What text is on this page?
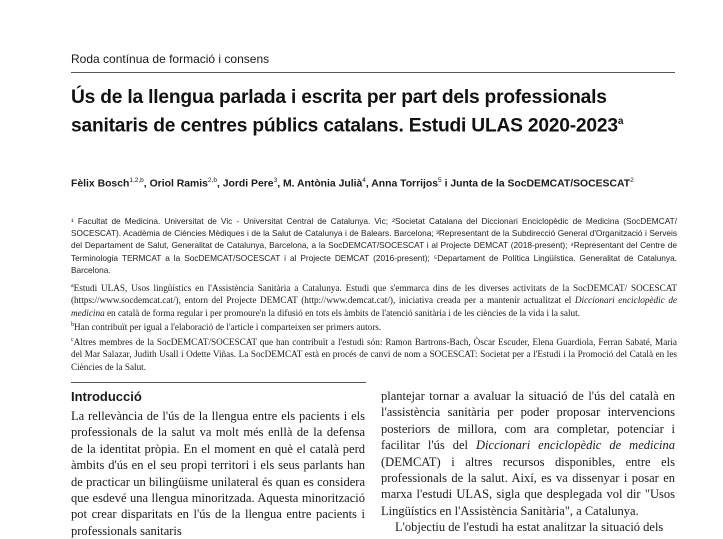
Roda contínua de formació i consens
Ús de la llengua parlada i escrita per part dels professionals sanitaris de centres públics catalans. Estudi ULAS 2020-2023$^a$
Fèlix Bosch$^{1,2,b}$, Oriol Ramis$^{2,b}$, Jordi Pere$^3$, M. Antònia Julià$^4$, Anna Torrijos$^5$ i Junta de la SocDEMCAT/SOCESCAT$^2$
¹ Facultat de Medicina. Universitat de Vic - Universitat Central de Catalunya. Vic; ²Societat Catalana del Diccionari Enciclopèdic de Medicina (SocDEMCAT/ SOCESCAT). Acadèmia de Ciències Mèdiques i de la Salut de Catalunya i de Balears. Barcelona; ³Representant de la Subdirecció General d'Organització i Serveis del Departament de Salut, Generalitat de Catalunya, Barcelona, a la SocDEMCAT/SOCESCAT i al Projecte DEMCAT (2018-present); ⁴Representant del Centre de Terminologia TERMCAT a la SocDEMCAT/SOCESCAT i al Projecte DEMCAT (2016-present); ⁵Departament de Política Lingüística. Generalitat de Catalunya. Barcelona.

$^a$Estudi ULAS, Usos lingüístics en l'Assistència Sanitària a Catalunya. Estudi que s'emmarca dins de les diverses activitats de la SocDEMCAT/ SOCESCAT (https://www.socdemcat.cat/), entorn del Projecte DEMCAT (http://www.demcat.cat/), iniciativa creada per a mantenir actualitzat el Diccionari enciclopèdic de medicina en català de forma regular i per promoure'n la difusió en tots els àmbits de l'atenció sanitària i de les ciències de la vida i la salut.

$^b$Han contribuït per igual a l'elaboració de l'article i comparteixen ser primers autors.

$^c$Altres membres de la SocDEMCAT/SOCESCAT que han contribuït a l'estudi són: Ramon Bartrons-Bach, Òscar Escuder, Elena Guardiola, Ferran Sabaté, Maria del Mar Salazar, Judith Usall i Odette Viñas. La SocDEMCAT està en procés de canvi de nom a SOCESCAT: Societat per a l'Estudi i la Promoció del Català en les Ciències de la Salut.

Introducció

La rellevància de l'ús de la llengua entre els pacients i els professionals de la salut va molt més enllà de la defensa de la identitat pròpia. En el moment en què el català perd àmbits d'ús en el seu propi territori i els seus parlants han de practicar un bilingüisme unilateral és quan es considera que esdevé una llengua minoritzada. Aquesta minorització pot crear disparitats en l'ús de la llengua entre pacients i professionals sanitaris

plantejar tornar a avaluar la situació de l'ús del català en l'assistència sanitària per poder proposar intervencions posteriors de millora, com ara completar, potenciar i facilitar l'ús del Diccionari enciclopèdic de medicina (DEMCAT) i altres recursos disponibles, entre els professionals de la salut. Així, es va dissenyar i posar en marxa l'estudi ULAS, sigla que desplegada vol dir "Usos Lingüístics en l'Assistència Sanitària", a Catalunya.

L'objectiu de l'estudi ha estat analitzar la situació dels
